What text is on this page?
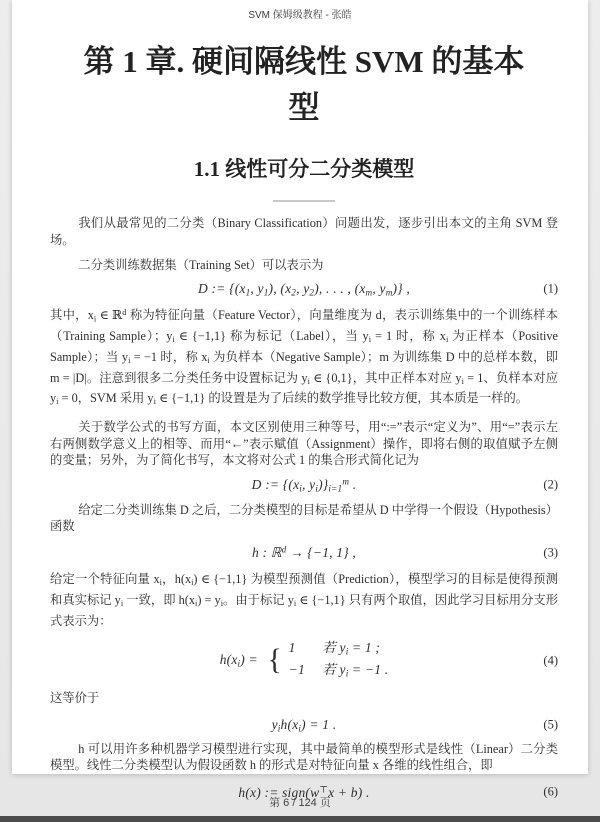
SVM 保姆级教程 - 张皓
第 1 章. 硬间隔线性 SVM 的基本型
1.1 线性可分二分类模型

我们从最常见的二分类（Binary Classification）问题出发，逐步引出本文的主角 SVM 登场。

二分类训练数据集（Training Set）可以表示为

D := {(x1, y1), (x2, y2), . . . , (xm, ym)} ,	(1)

其中，xi ∈ ℝ$^d$ 称为特征向量（Feature Vector），向量维度为 d，表示训练集中的一个训练样本（Training Sample）；yi ∈ {−1,1} 称为标记（Label），当 yi = 1 时，称 xi 为正样本（Positive Sample）；当 yi = −1 时，称 xi 为负样本（Negative Sample）；m 为训练集 D 中的总样本数，即 m = |D|。注意到很多二分类任务中设置标记为 yi ∈ {0,1}，其中正样本对应 yi = 1、负样本对应 yi = 0，SVM 采用 yi ∈ {−1,1} 的设置是为了后续的数学推导比较方便，其本质是一样的。

关于数学公式的书写方面，本文区别使用三种等号，用“:=”表示“定义为”、用“=”表示左右两侧数学意义上的相等、而用“←”表示赋值（Assignment）操作，即将右侧的取值赋予左侧的变量；另外，为了简化书写，本文将对公式 1 的集合形式简化记为

D := {(xi, $yi)\}i=1^m$ .	(2)

给定二分类训练集 D 之后，二分类模型的目标是希望从 D 中学得一个假设（Hypothesis）函数

h : ℝ$^d$ → {−1, 1} ,	(3)

给定一个特征向量 xi，h(xi) ∈ {−1,1} 为模型预测值（Prediction），模型学习的目标是使得预测和真实标记 yi 一致，即 h(xi) = yi。由于标记 yi ∈ {−1,1} 只有两个取值，因此学习目标用分支形式表示为：

h(xi) = { 1 若 yi = 1 ;
−1 若 yi = −1 .
(4)

这等价于

yih(xi) = 1 .	(5)

h 可以用许多种机器学习模型进行实现，其中最简单的模型形式是线性（Linear）二分类模型。线性二分类模型认为假设函数 h 的形式是对特征向量 x 各维的线性组合，即

h(x) := sign(w⊤x + b) .	(6)
第 6 / 124 页
